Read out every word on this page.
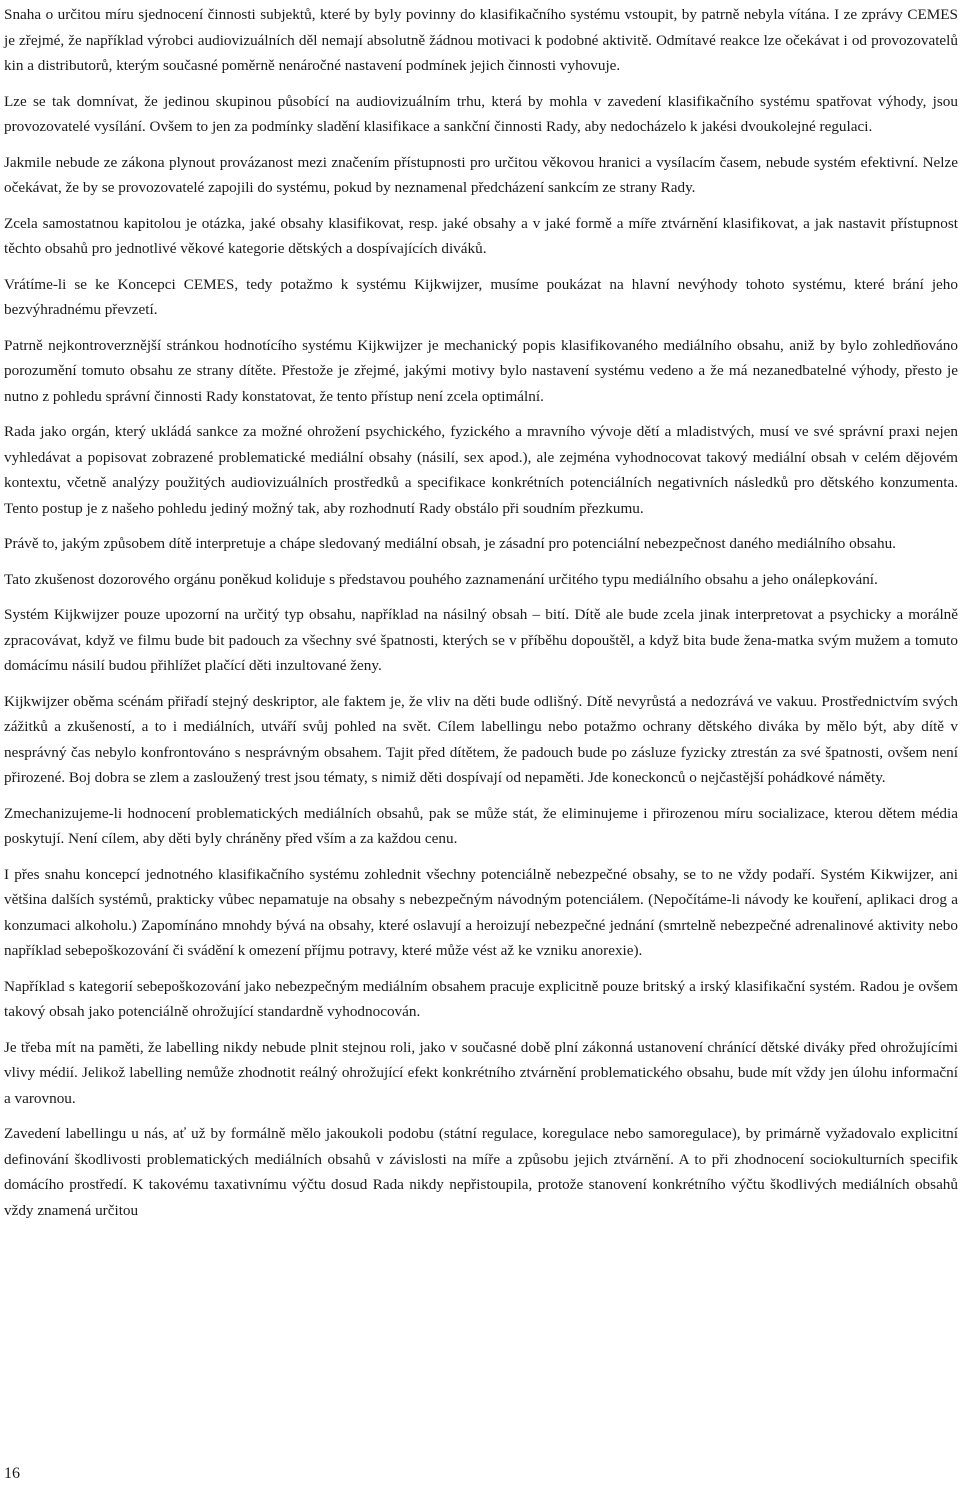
Snaha o určitou míru sjednocení činnosti subjektů, které by byly povinny do klasifikačního systému vstoupit, by patrně nebyla vítána. I ze zprávy CEMES je zřejmé, že například výrobci audiovizuálních děl nemají absolutně žádnou motivaci k podobné aktivitě. Odmítavé reakce lze očekávat i od provozovatelů kin a distributorů, kterým současné poměrně nenáročné nastavení podmínek jejich činnosti vyhovuje.

Lze se tak domnívat, že jedinou skupinou působící na audiovizuálním trhu, která by mohla v zavedení klasifikačního systému spatřovat výhody, jsou provozovatelé vysílání. Ovšem to jen za podmínky sladění klasifikace a sankční činnosti Rady, aby nedocházelo k jakési dvoukolejné regulaci.

Jakmile nebude ze zákona plynout provázanost mezi značením přístupnosti pro určitou věkovou hranici a vysílacím časem, nebude systém efektivní. Nelze očekávat, že by se provozovatelé zapojili do systému, pokud by neznamenal předcházení sankcím ze strany Rady.

Zcela samostatnou kapitolou je otázka, jaké obsahy klasifikovat, resp. jaké obsahy a v jaké formě a míře ztvárnění klasifikovat, a jak nastavit přístupnost těchto obsahů pro jednotlivé věkové kategorie dětských a dospívajících diváků.

Vrátíme-li se ke Koncepci CEMES, tedy potažmo k systému Kijkwijzer, musíme poukázat na hlavní nevýhody tohoto systému, které brání jeho bezvýhradnému převzetí.

Patrně nejkontroverznější stránkou hodnotícího systému Kijkwijzer je mechanický popis klasifikovaného mediálního obsahu, aniž by bylo zohledňováno porozumění tomuto obsahu ze strany dítěte. Přestože je zřejmé, jakými motivy bylo nastavení systému vedeno a že má nezanedbatelné výhody, přesto je nutno z pohledu správní činnosti Rady konstatovat, že tento přístup není zcela optimální.

Rada jako orgán, který ukládá sankce za možné ohrožení psychického, fyzického a mravního vývoje dětí a mladistvých, musí ve své správní praxi nejen vyhledávat a popisovat zobrazené problematické mediální obsahy (násilí, sex apod.), ale zejména vyhodnocovat takový mediální obsah v celém dějovém kontextu, včetně analýzy použitých audiovizuálních prostředků a specifikace konkrétních potenciálních negativních následků pro dětského konzumenta. Tento postup je z našeho pohledu jediný možný tak, aby rozhodnutí Rady obstálo při soudním přezkumu.

Právě to, jakým způsobem dítě interpretuje a chápe sledovaný mediální obsah, je zásadní pro potenciální nebezpečnost daného mediálního obsahu.

Tato zkušenost dozorového orgánu poněkud koliduje s představou pouhého zaznamenání určitého typu mediálního obsahu a jeho onálepkování.

Systém Kijkwijzer pouze upozorní na určitý typ obsahu, například na násilný obsah – bití. Dítě ale bude zcela jinak interpretovat a psychicky a morálně zpracovávat, když ve filmu bude bit padouch za všechny své špatnosti, kterých se v příběhu dopouštěl, a když bita bude žena-matka svým mužem a tomuto domácímu násilí budou přihlížet plačící děti inzultované ženy.

Kijkwijzer oběma scénám přiřadí stejný deskriptor, ale faktem je, že vliv na děti bude odlišný. Dítě nevyrůstá a nedozrává ve vakuu. Prostřednictvím svých zážitků a zkušeností, a to i mediálních, utváří svůj pohled na svět. Cílem labellingu nebo potažmo ochrany dětského diváka by mělo být, aby dítě v nesprávný čas nebylo konfrontováno s nesprávným obsahem. Tajit před dítětem, že padouch bude po zásluze fyzicky ztrestán za své špatnosti, ovšem není přirozené. Boj dobra se zlem a zasloužený trest jsou tématy, s nimiž děti dospívají od nepaměti. Jde koneckonců o nejčastější pohádkové náměty.

Zmechanizujeme-li hodnocení problematických mediálních obsahů, pak se může stát, že eliminujeme i přirozenou míru socializace, kterou dětem média poskytují. Není cílem, aby děti byly chráněny před vším a za každou cenu.

I přes snahu koncepcí jednotného klasifikačního systému zohlednit všechny potenciálně nebezpečné obsahy, se to ne vždy podaří. Systém Kikwijzer, ani většina dalších systémů, prakticky vůbec nepamatuje na obsahy s nebezpečným návodným potenciálem. (Nepočítáme-li návody ke kouření, aplikaci drog a konzumaci alkoholu.) Zapomínáno mnohdy bývá na obsahy, které oslavují a heroizují nebezpečné jednání (smrtelně nebezpečné adrenalinové aktivity nebo například sebepoškozování či svádění k omezení příjmu potravy, které může vést až ke vzniku anorexie).

Například s kategorií sebepoškozování jako nebezpečným mediálním obsahem pracuje explicitně pouze britský a irský klasifikační systém. Radou je ovšem takový obsah jako potenciálně ohrožující standardně vyhodnocován.

Je třeba mít na paměti, že labelling nikdy nebude plnit stejnou roli, jako v současné době plní zákonná ustanovení chránící dětské diváky před ohrožujícími vlivy médií. Jelikož labelling nemůže zhodnotit reálný ohrožující efekt konkrétního ztvárnění problematického obsahu, bude mít vždy jen úlohu informační a varovnou.

Zavedení labellingu u nás, ať už by formálně mělo jakoukoli podobu (státní regulace, koregulace nebo samoregulace), by primárně vyžadovalo explicitní definování škodlivosti problematických mediálních obsahů v závislosti na míře a způsobu jejich ztvárnění. A to při zhodnocení sociokulturních specifik domácího prostředí. K takovému taxativnímu výčtu dosud Rada nikdy nepřistoupila, protože stanovení konkrétního výčtu škodlivých mediálních obsahů vždy znamená určitou

16
